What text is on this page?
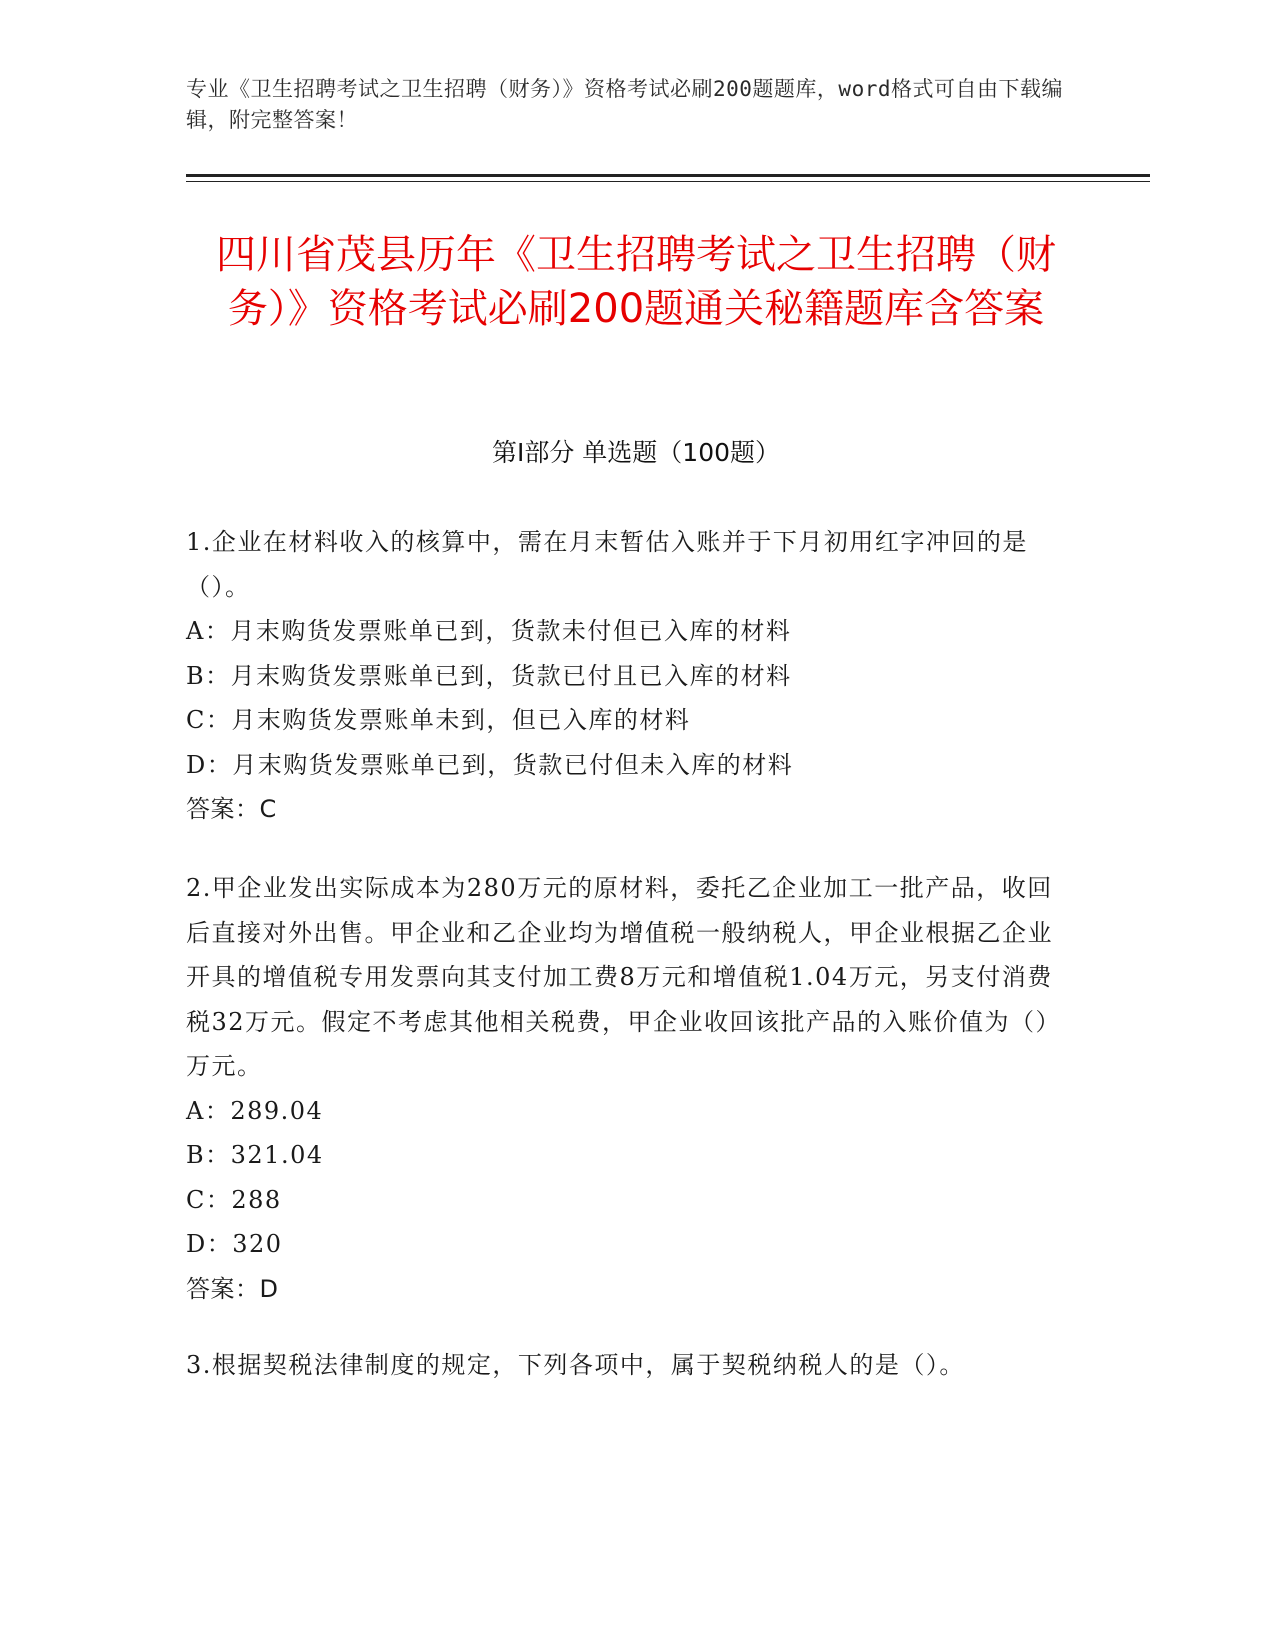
专业《卫生招聘考试之卫生招聘（财务）》资格考试必刷200题题库，word格式可自由下载编辑，附完整答案！
四川省茂县历年《卫生招聘考试之卫生招聘（财务）》资格考试必刷200题通关秘籍题库含答案
第Ⅰ部分 单选题（100题）

1.企业在材料收入的核算中，需在月末暂估入账并于下月初用红字冲回的是（）。

A：月末购货发票账单已到，货款未付但已入库的材料

B：月末购货发票账单已到，货款已付且已入库的材料

C：月末购货发票账单未到，但已入库的材料

D：月末购货发票账单已到，货款已付但未入库的材料

答案：C

2.甲企业发出实际成本为280万元的原材料，委托乙企业加工一批产品，收回后直接对外出售。甲企业和乙企业均为增值税一般纳税人，甲企业根据乙企业开具的增值税专用发票向其支付加工费8万元和增值税1.04万元，另支付消费税32万元。假定不考虑其他相关税费，甲企业收回该批产品的入账价值为（）万元。

A：289.04

B：321.04

C：288

D：320

答案：D

3.根据契税法律制度的规定，下列各项中，属于契税纳税人的是（）。
